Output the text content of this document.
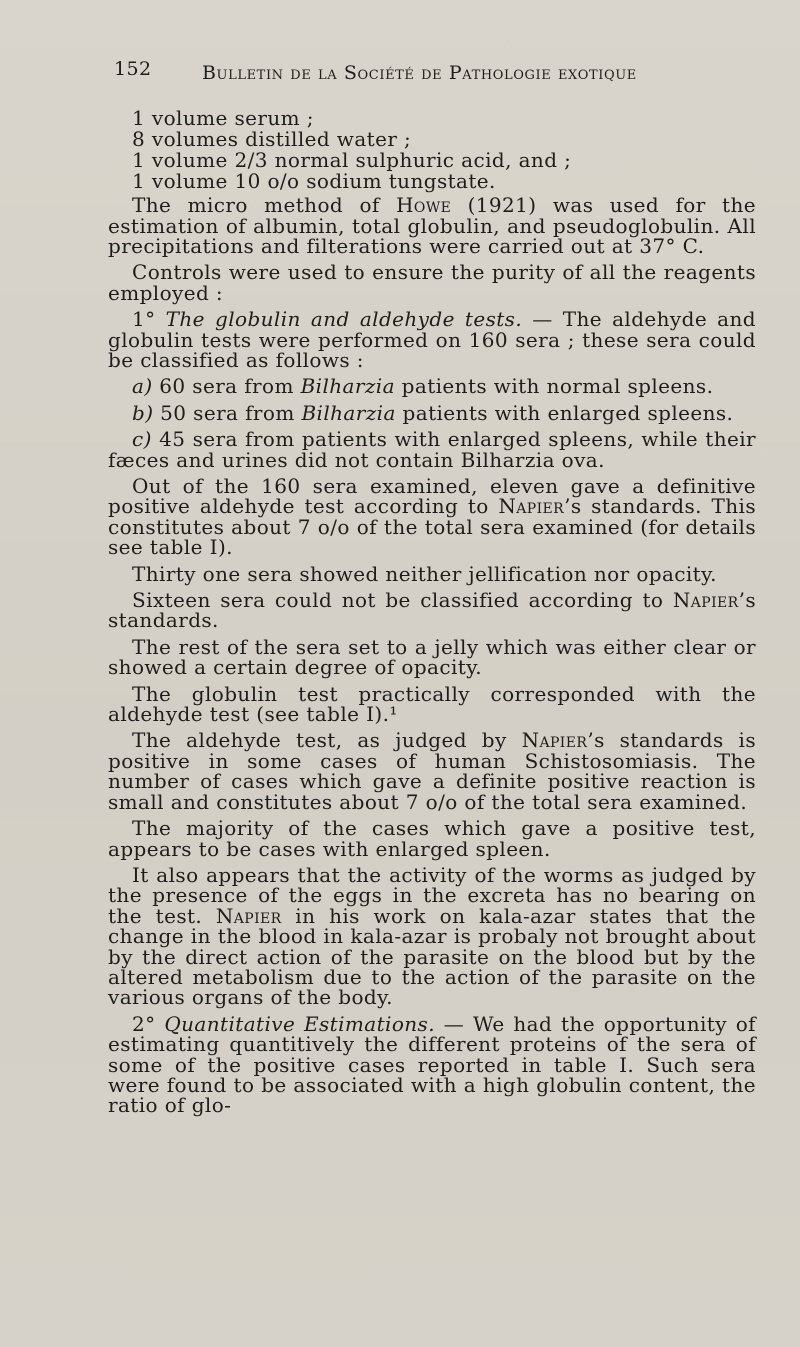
152	Bulletin de la Société de Pathologie exotique
1 volume serum ;
8 volumes distilled water ;
1 volume 2/3 normal sulphuric acid, and ;
1 volume 10 o/o sodium tungstate.

The micro method of Howe (1921) was used for the estimation of albumin, total globulin, and pseudoglobulin. All precipitations and filterations were carried out at 37° C.

Controls were used to ensure the purity of all the reagents employed :

1° The globulin and aldehyde tests. — The aldehyde and globulin tests were performed on 160 sera ; these sera could be classified as follows :

a) 60 sera from Bilharzia patients with normal spleens.

b) 50 sera from Bilharzia patients with enlarged spleens.

c) 45 sera from patients with enlarged spleens, while their fæces and urines did not contain Bilharzia ova.

Out of the 160 sera examined, eleven gave a definitive positive aldehyde test according to Napier’s standards. This constitutes about 7 o/o of the total sera examined (for details see table I).

Thirty one sera showed neither jellification nor opacity.

Sixteen sera could not be classified according to Napier’s standards.

The rest of the sera set to a jelly which was either clear or showed a certain degree of opacity.

The globulin test practically corresponded with the aldehyde test (see table I).¹

The aldehyde test, as judged by Napier’s standards is positive in some cases of human Schistosomiasis. The number of cases which gave a definite positive reaction is small and constitutes about 7 o/o of the total sera examined.

The majority of the cases which gave a positive test, appears to be cases with enlarged spleen.

It also appears that the activity of the worms as judged by the presence of the eggs in the excreta has no bearing on the test. Napier in his work on kala-azar states that the change in the blood in kala-azar is probaly not brought about by the direct action of the parasite on the blood but by the altered metabolism due to the action of the parasite on the various organs of the body.

2° Quantitative Estimations. — We had the opportunity of estimating quantitively the different proteins of the sera of some of the positive cases reported in table I. Such sera were found to be associated with a high globulin content, the ratio of glo-
